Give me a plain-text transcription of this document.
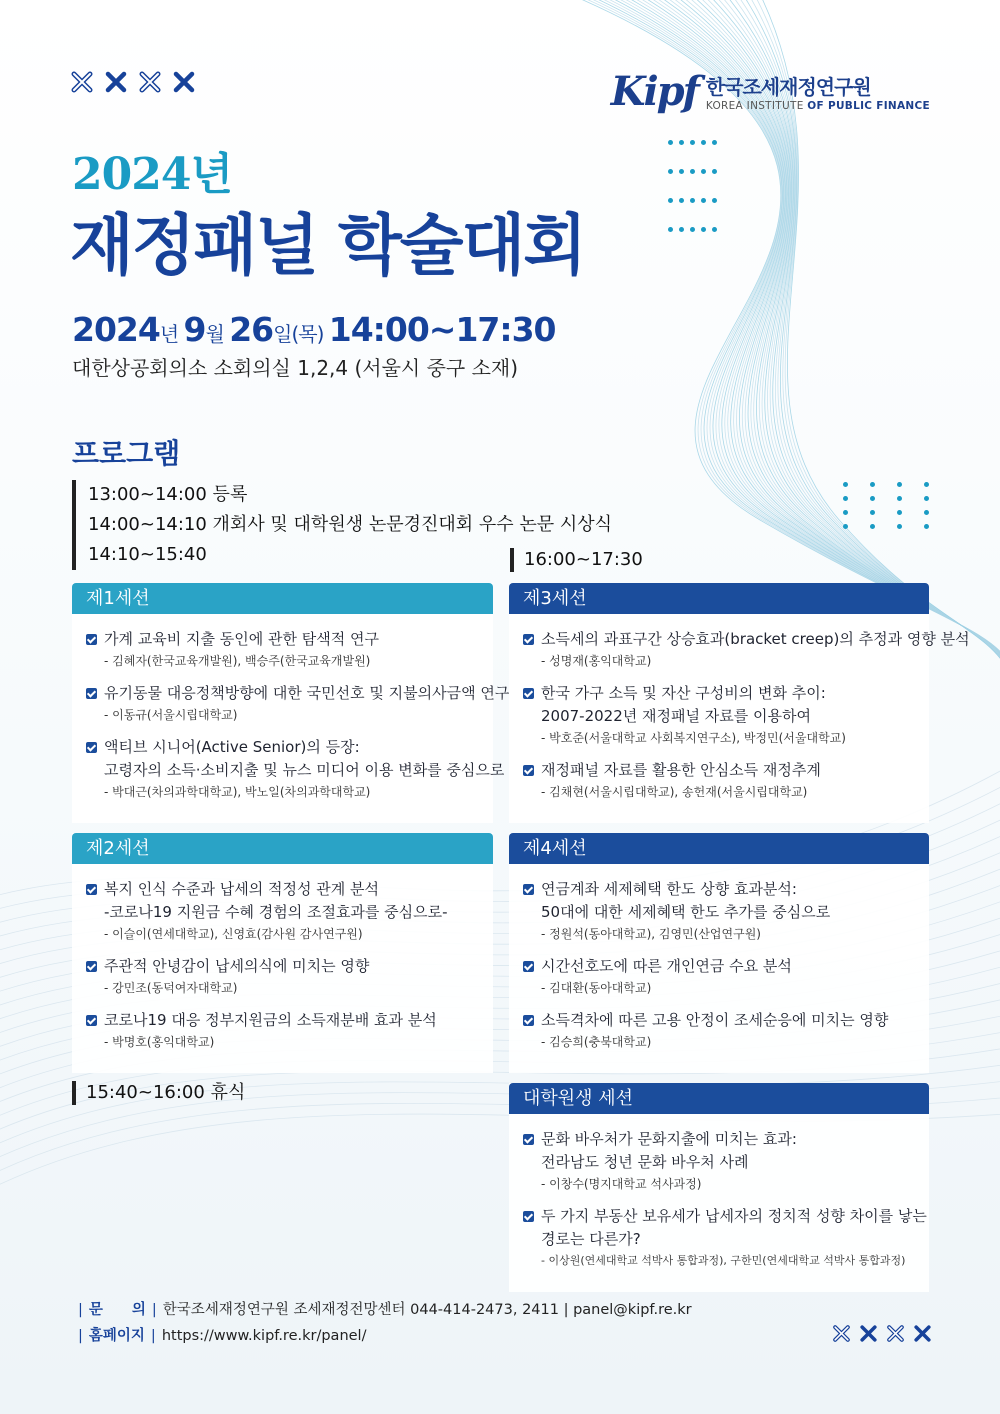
Kipf 한국조세재정연구원
KOREA INSTITUTE OF PUBLIC FINANCE
2024년
재정패널 학술대회
2024년 9월 26일(목) 14:00~17:30
대한상공회의소 소회의실 1,2,4 (서울시 중구 소재)
프로그램
13:00~14:00 등록
14:00~14:10 개회사 및 대학원생 논문경진대회 우수 논문 시상식
14:10~15:40	16:00~17:30
제1세션
가계 교육비 지출 동인에 관한 탐색적 연구
- 김혜자(한국교육개발원), 백승주(한국교육개발원)
유기동물 대응정책방향에 대한 국민선호 및 지불의사금액 연구
- 이동규(서울시립대학교)
액티브 시니어(Active Senior)의 등장:
고령자의 소득·소비지출 및 뉴스 미디어 이용 변화를 중심으로
- 박대근(차의과학대학교), 박노일(차의과학대학교)
제3세션
소득세의 과표구간 상승효과(bracket creep)의 추정과 영향 분석
- 성명재(홍익대학교)
한국 가구 소득 및 자산 구성비의 변화 추이:
2007-2022년 재정패널 자료를 이용하여
- 박호준(서울대학교 사회복지연구소), 박정민(서울대학교)
재정패널 자료를 활용한 안심소득 재정추계
- 김채현(서울시립대학교), 송헌재(서울시립대학교)
제2세션
복지 인식 수준과 납세의 적정성 관계 분석
-코로나19 지원금 수혜 경험의 조절효과를 중심으로-
- 이슬이(연세대학교), 신영효(감사원 감사연구원)
주관적 안녕감이 납세의식에 미치는 영향
- 강민조(동덕여자대학교)
코로나19 대응 정부지원금의 소득재분배 효과 분석
- 박명호(홍익대학교)
제4세션
연금계좌 세제혜택 한도 상향 효과분석:
50대에 대한 세제혜택 한도 추가를 중심으로
- 정원석(동아대학교), 김영민(산업연구원)
시간선호도에 따른 개인연금 수요 분석
- 김대환(동아대학교)
소득격차에 따른 고용 안정이 조세순응에 미치는 영향
- 김승희(충북대학교)
15:40~16:00 휴식	대학원생 세션
문화 바우처가 문화지출에 미치는 효과:
전라남도 청년 문화 바우처 사례
- 이창수(명지대학교 석사과정)
두 가지 부동산 보유세가 납세자의 정치적 성향 차이를 낳는
경로는 다른가?
- 이상원(연세대학교 석박사 통합과정), 구한민(연세대학교 석박사 통합과정)
| 문　　의 | 한국조세재정연구원 조세재정전망센터 044-414-2473, 2411 | panel@kipf.re.kr
| 홈페이지 | https://www.kipf.re.kr/panel/
